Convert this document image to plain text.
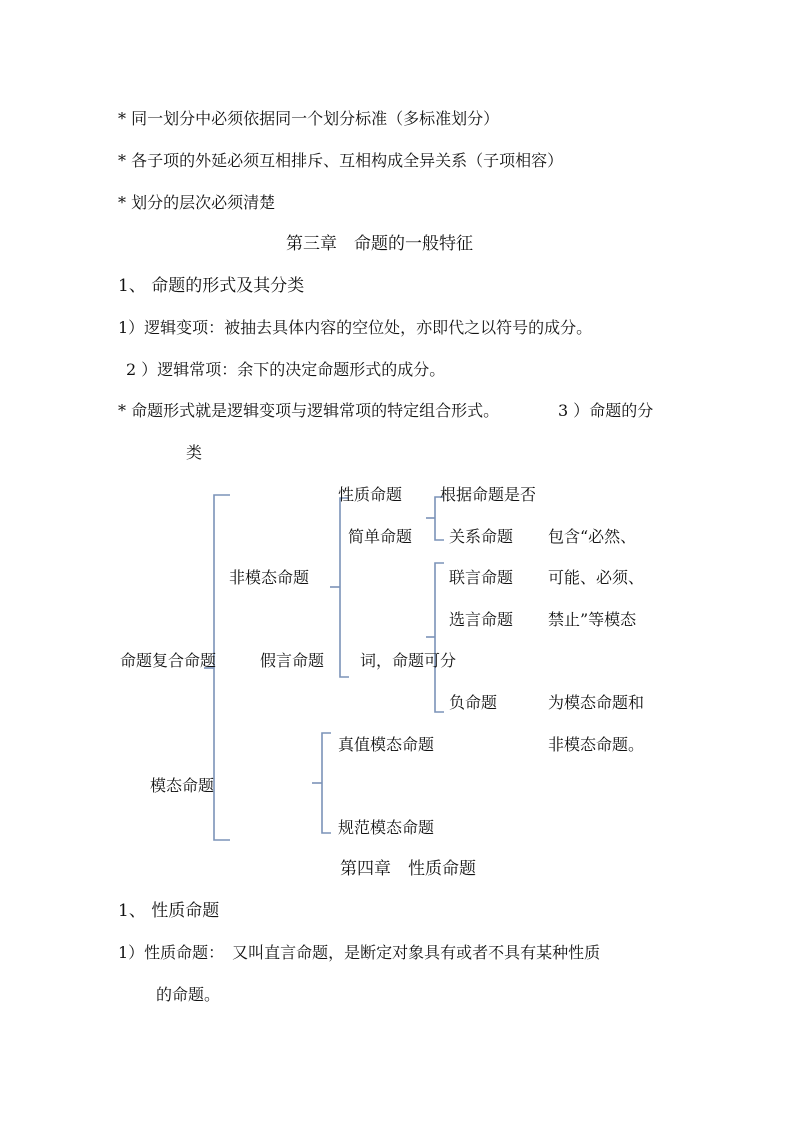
* 同一划分中必须依据同一个划分标准（多标准划分）
* 各子项的外延必须互相排斥、互相构成全异关系（子项相容）
* 划分的层次必须清楚
第三章　命题的一般特征
1、 命题的形式及其分类
1）逻辑变项：被抽去具体内容的空位处，亦即代之以符号的成分。
2 ）逻辑常项：余下的决定命题形式的成分。
* 命题形式就是逻辑变项与逻辑常项的特定组合形式。	3 ）命题的分
类
命题 复合命题
非模态命题
模态命题
性质命题
简单命题 关系命题
联言命题
选言命题
假言命题
负命题
真值模态命题
规范模态命题
根据命题是否
包含“必然、
可能、必须、
禁止”等模态
词，命题可分
为模态命题和
非模态命题。
第四章　性质命题
1、 性质命题
1）性质命题：　又叫直言命题，是断定对象具有或者不具有某种性质
的命题。
